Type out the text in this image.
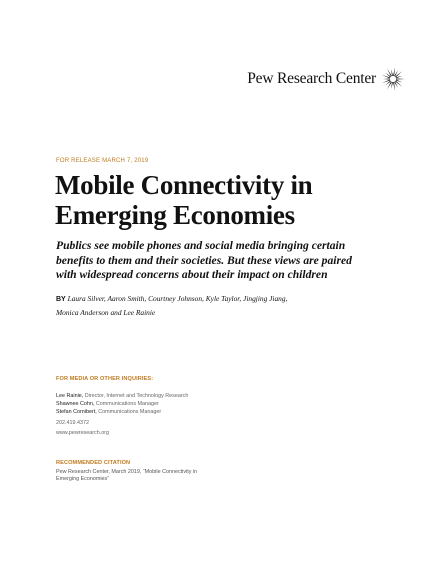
Pew Research Center
FOR RELEASE MARCH 7, 2019
Mobile Connectivity in
Emerging Economies

Publics see mobile phones and social media bringing certain
benefits to them and their societies. But these views are paired
with widespread concerns about their impact on children

BY Laura Silver, Aaron Smith, Courtney Johnson, Kyle Taylor, Jingjing Jiang,
Monica Anderson and Lee Rainie

FOR MEDIA OR OTHER INQUIRIES:

Lee Rainie, Director, Internet and Technology Research
Shawnee Cohn, Communications Manager
Stefan Cornibert, Communications Manager
202.419.4372
www.pewresearch.org

RECOMMENDED CITATION

Pew Research Center, March 2019, “Mobile Connectivity in
Emerging Economies”
